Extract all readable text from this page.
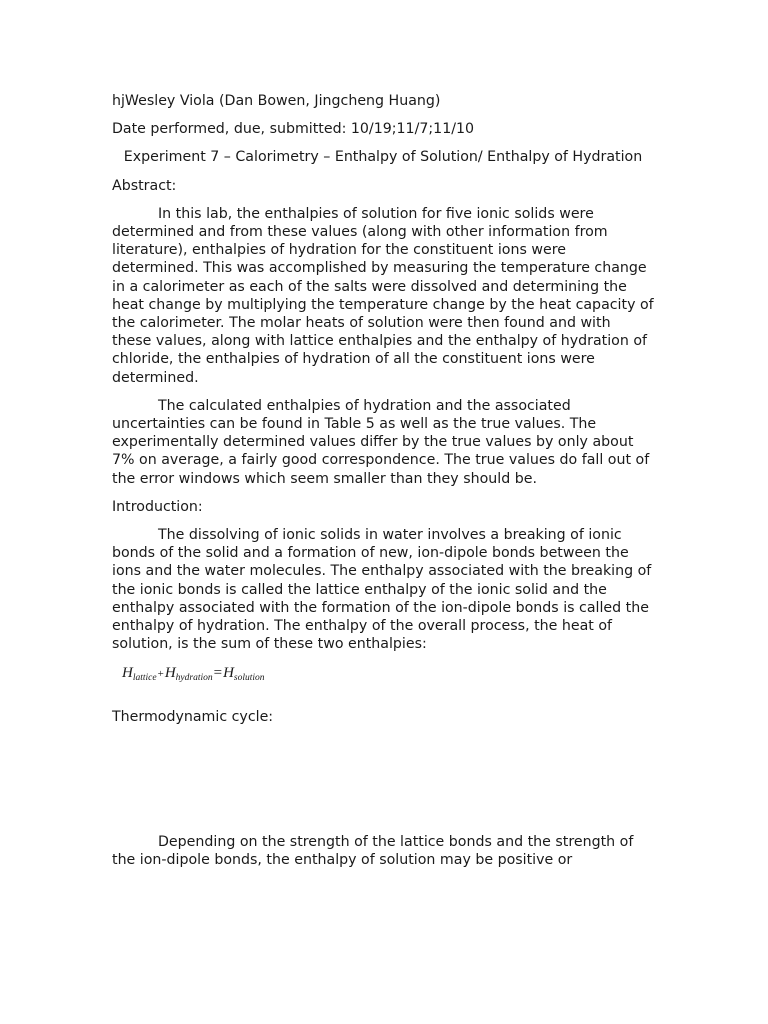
hjWesley Viola (Dan Bowen, Jingcheng Huang)

Date performed, due, submitted: 10/19;11/7;11/10

Experiment 7 – Calorimetry – Enthalpy of Solution/ Enthalpy of Hydration

Abstract:

In this lab, the enthalpies of solution for five ionic solids were determined and from these values (along with other information from literature), enthalpies of hydration for the constituent ions were determined. This was accomplished by measuring the temperature change in a calorimeter as each of the salts were dissolved and determining the heat change by multiplying the temperature change by the heat capacity of the calorimeter. The molar heats of solution were then found and with these values, along with lattice enthalpies and the enthalpy of hydration of chloride, the enthalpies of hydration of all the constituent ions were determined.

The calculated enthalpies of hydration and the associated uncertainties can be found in Table 5 as well as the true values. The experimentally determined values differ by the true values by only about 7% on average, a fairly good correspondence. The true values do fall out of the error windows which seem smaller than they should be.

Introduction:

The dissolving of ionic solids in water involves a breaking of ionic bonds of the solid and a formation of new, ion-dipole bonds between the ions and the water molecules. The enthalpy associated with the breaking of the ionic bonds is called the lattice enthalpy of the ionic solid and the enthalpy associated with the formation of the ion-dipole bonds is called the enthalpy of hydration. The enthalpy of the overall process, the heat of solution, is the sum of these two enthalpies:

$H_{lattice}+H_{hydration}=H_{solution}$

Thermodynamic cycle:

Depending on the strength of the lattice bonds and the strength of the ion-dipole bonds, the enthalpy of solution may be positive or
